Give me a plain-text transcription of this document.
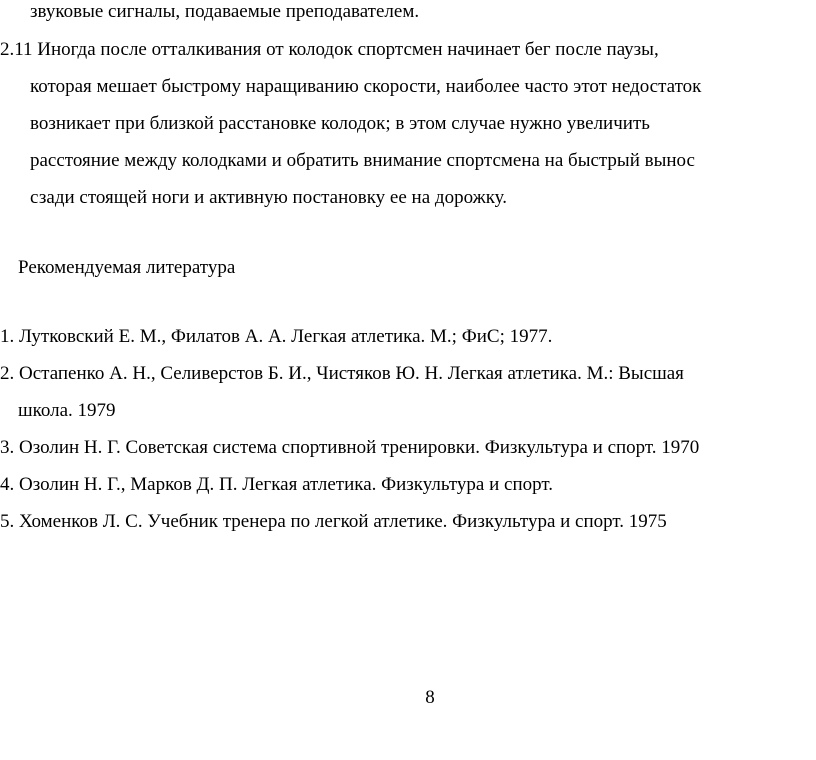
звуковые сигналы, подаваемые преподавателем.
2.11 Иногда после отталкивания от колодок спортсмен начинает бег после паузы,
которая мешает быстрому наращиванию скорости, наиболее часто этот недостаток
возникает при близкой расстановке колодок; в этом случае нужно увеличить
расстояние между колодками и обратить внимание спортсмена на быстрый вынос
сзади стоящей ноги и активную постановку ее на дорожку.
Рекомендуемая литература
1. Лутковский Е. М., Филатов А. А. Легкая атлетика. М.; ФиС; 1977.
2. Остапенко А. Н., Селиверстов Б. И., Чистяков Ю. Н. Легкая атлетика. М.: Высшая
школа. 1979
3. Озолин Н. Г. Советская система спортивной тренировки. Физкультура и спорт. 1970
4. Озолин Н. Г., Марков Д. П. Легкая атлетика. Физкультура и спорт.
5. Хоменков Л. С. Учебник тренера по легкой атлетике. Физкультура и спорт. 1975
8
